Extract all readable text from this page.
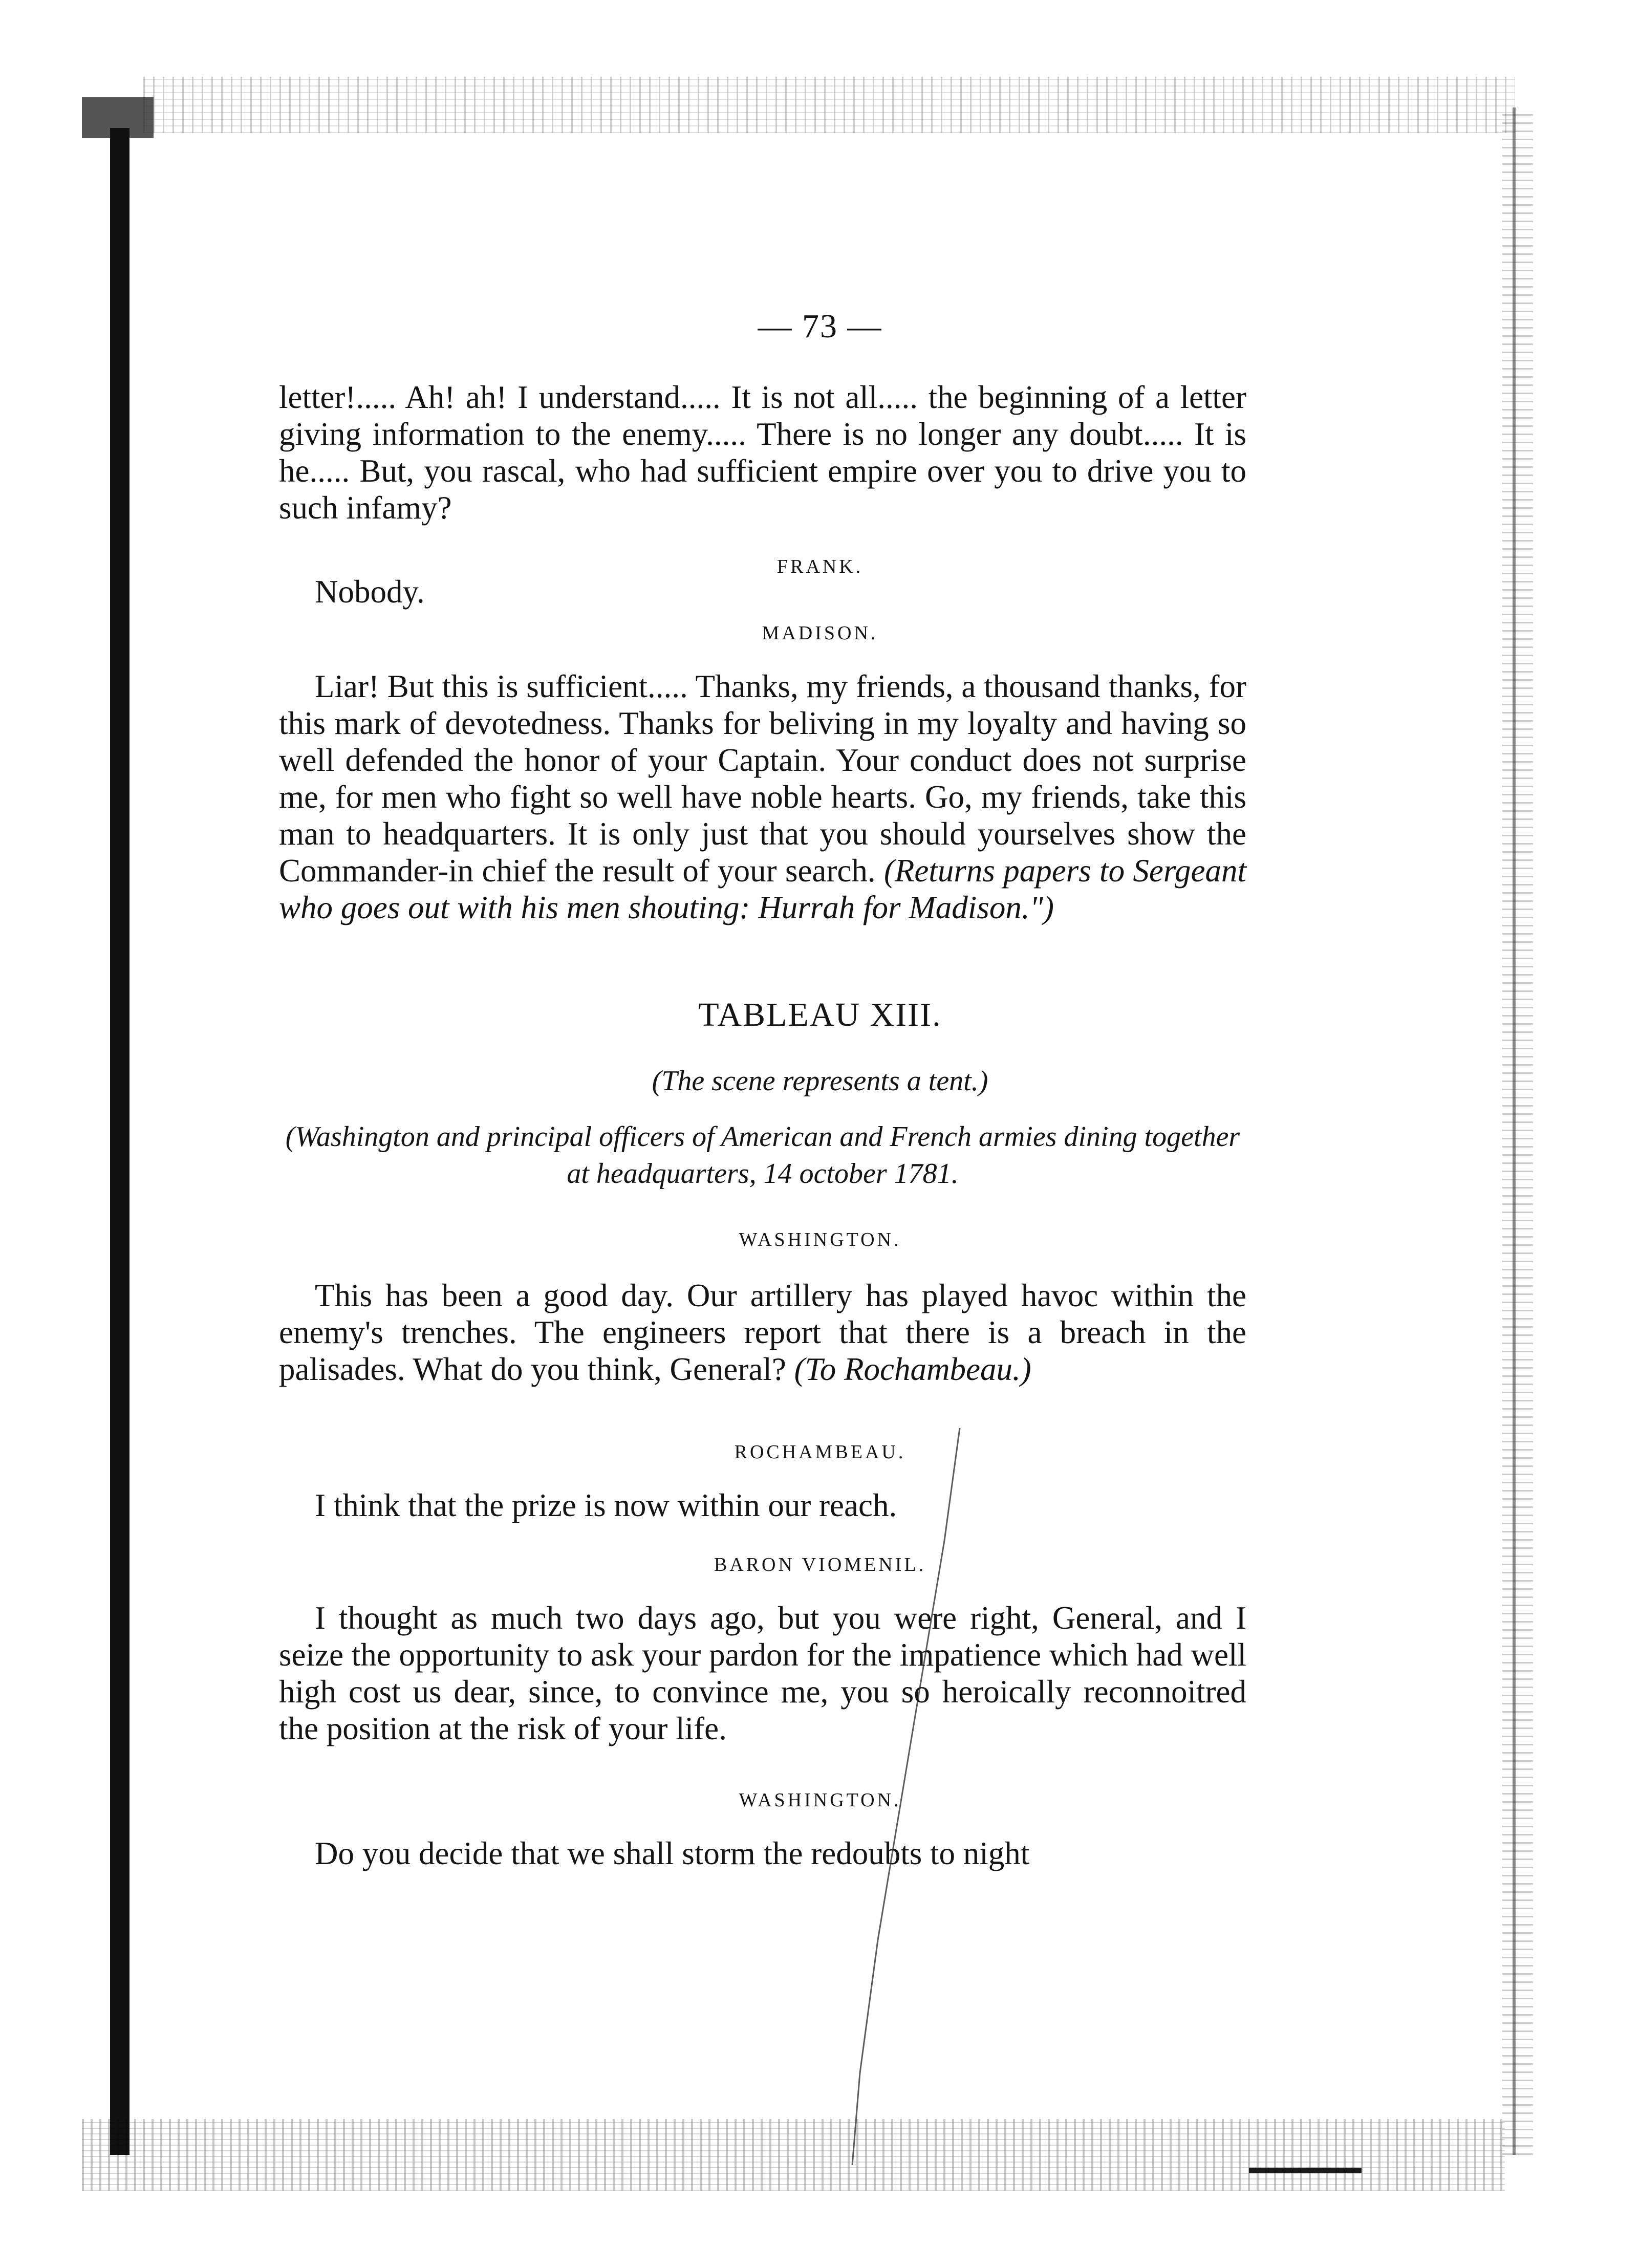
— 73 —

letter!..... Ah! ah! I understand..... It is not all..... the beginning of a letter giving information to the enemy..... There is no longer any doubt..... It is he..... But, you rascal, who had sufficient empire over you to drive you to such infamy?

FRANK.

Nobody.

MADISON.

Liar! But this is sufficient..... Thanks, my friends, a thousand thanks, for this mark of devotedness. Thanks for beliving in my loyalty and having so well defended the honor of your Captain. Your conduct does not surprise me, for men who fight so well have noble hearts. Go, my friends, take this man to headquarters. It is only just that you should yourselves show the Commander-in chief the result of your search. (Returns papers to Sergeant who goes out with his men shouting: Hurrah for Madison.")

TABLEAU XIII.
(The scene represents a tent.)

(Washington and principal officers of American and French armies dining together at headquarters, 14 october 1781.

WASHINGTON.

This has been a good day. Our artillery has played havoc within the enemy's trenches. The engineers report that there is a breach in the palisades. What do you think, General? (To Rochambeau.)

ROCHAMBEAU.

I think that the prize is now within our reach.

BARON VIOMENIL.

I thought as much two days ago, but you were right, General, and I seize the opportunity to ask your pardon for the impatience which had well high cost us dear, since, to convince me, you so heroically reconnoitred the position at the risk of your life.

WASHINGTON.

Do you decide that we shall storm the redoubts to night
